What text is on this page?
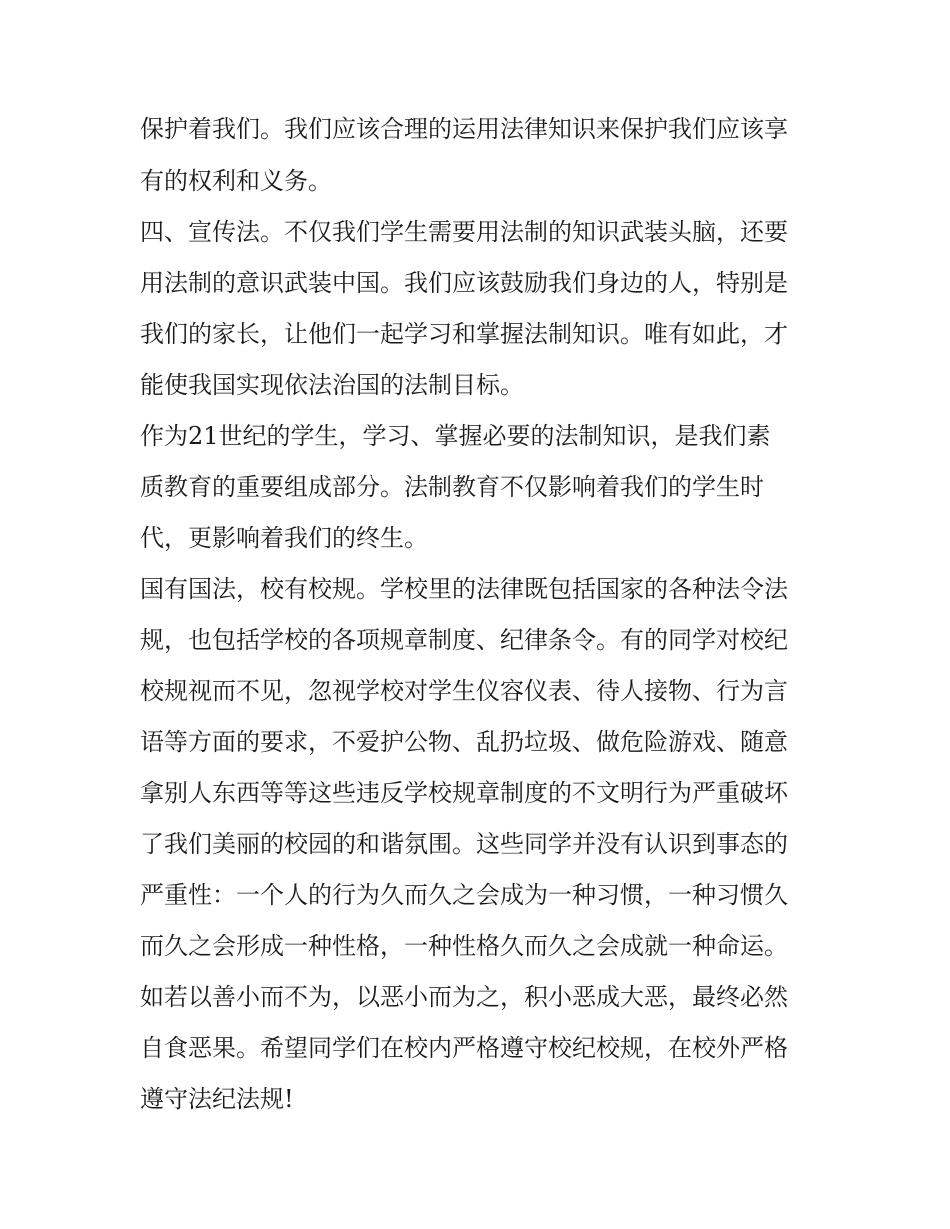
保护着我们。我们应该合理的运用法律知识来保护我们应该享
有的权利和义务。
四、宣传法。不仅我们学生需要用法制的知识武装头脑，还要
用法制的意识武装中国。我们应该鼓励我们身边的人，特别是
我们的家长，让他们一起学习和掌握法制知识。唯有如此，才
能使我国实现依法治国的法制目标。
作为21世纪的学生，学习、掌握必要的法制知识，是我们素
质教育的重要组成部分。法制教育不仅影响着我们的学生时
代，更影响着我们的终生。
国有国法，校有校规。学校里的法律既包括国家的各种法令法
规，也包括学校的各项规章制度、纪律条令。有的同学对校纪
校规视而不见，忽视学校对学生仪容仪表、待人接物、行为言
语等方面的要求，不爱护公物、乱扔垃圾、做危险游戏、随意
拿别人东西等等这些违反学校规章制度的不文明行为严重破坏
了我们美丽的校园的和谐氛围。这些同学并没有认识到事态的
严重性：一个人的行为久而久之会成为一种习惯，一种习惯久
而久之会形成一种性格，一种性格久而久之会成就一种命运。
如若以善小而不为，以恶小而为之，积小恶成大恶，最终必然
自食恶果。希望同学们在校内严格遵守校纪校规，在校外严格
遵守法纪法规!
